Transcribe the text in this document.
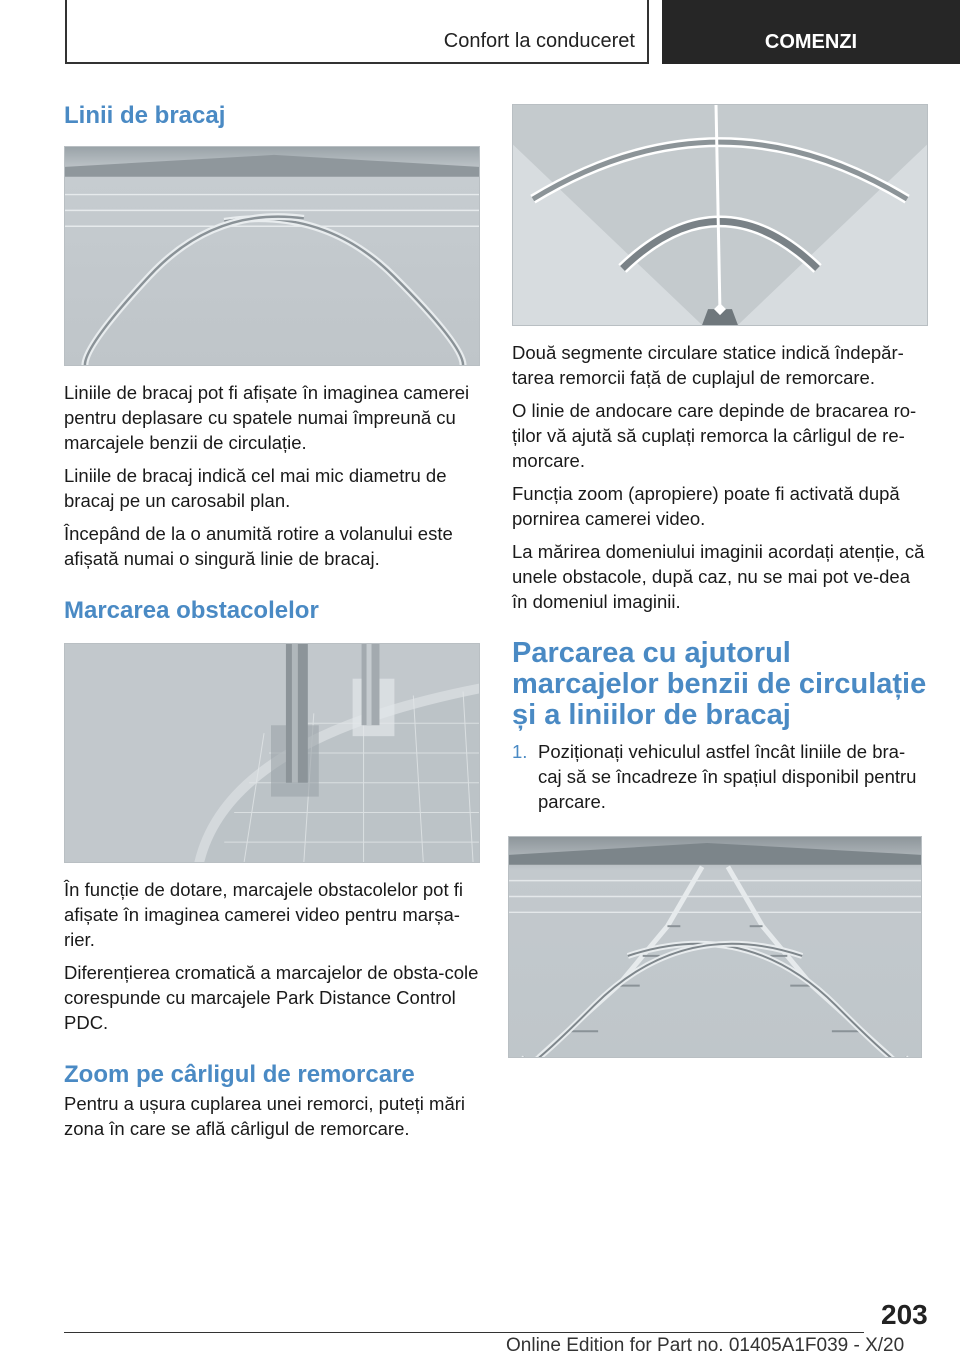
Confort la conduceret	COMENZI
Linii de bracaj

Liniile de bracaj pot fi afișate în imaginea camerei pentru deplasare cu spatele numai împreună cu marcajele benzii de circulație.

Liniile de bracaj indică cel mai mic diametru de bracaj pe un carosabil plan.

Începând de la o anumită rotire a volanului este afișată numai o singură linie de bracaj.

Marcarea obstacolelor

În funcție de dotare, marcajele obstacolelor pot fi afișate în imaginea camerei video pentru marșa-rier.

Diferențierea cromatică a marcajelor de obsta-cole corespunde cu marcajele Park Distance Control PDC.

Zoom pe cârligul de remorcare

Pentru a ușura cuplarea unei remorci, puteți mări zona în care se află cârligul de remorcare.

Două segmente circulare statice indică îndepăr-tarea remorcii față de cuplajul de remorcare.

O linie de andocare care depinde de bracarea ro-ților vă ajută să cuplați remorca la cârligul de re-morcare.

Funcția zoom (apropiere) poate fi activată după pornirea camerei video.

La mărirea domeniului imaginii acordați atenție, că unele obstacole, după caz, nu se mai pot ve-dea în domeniul imaginii.

Parcarea cu ajutorul marcajelor benzii de circulație și a liniilor de bracaj
1. Poziționați vehiculul astfel încât liniile de bra-caj să se încadreze în spațiul disponibil pentru parcare.
203
Online Edition for Part no. 01405A1F039 - X/20
